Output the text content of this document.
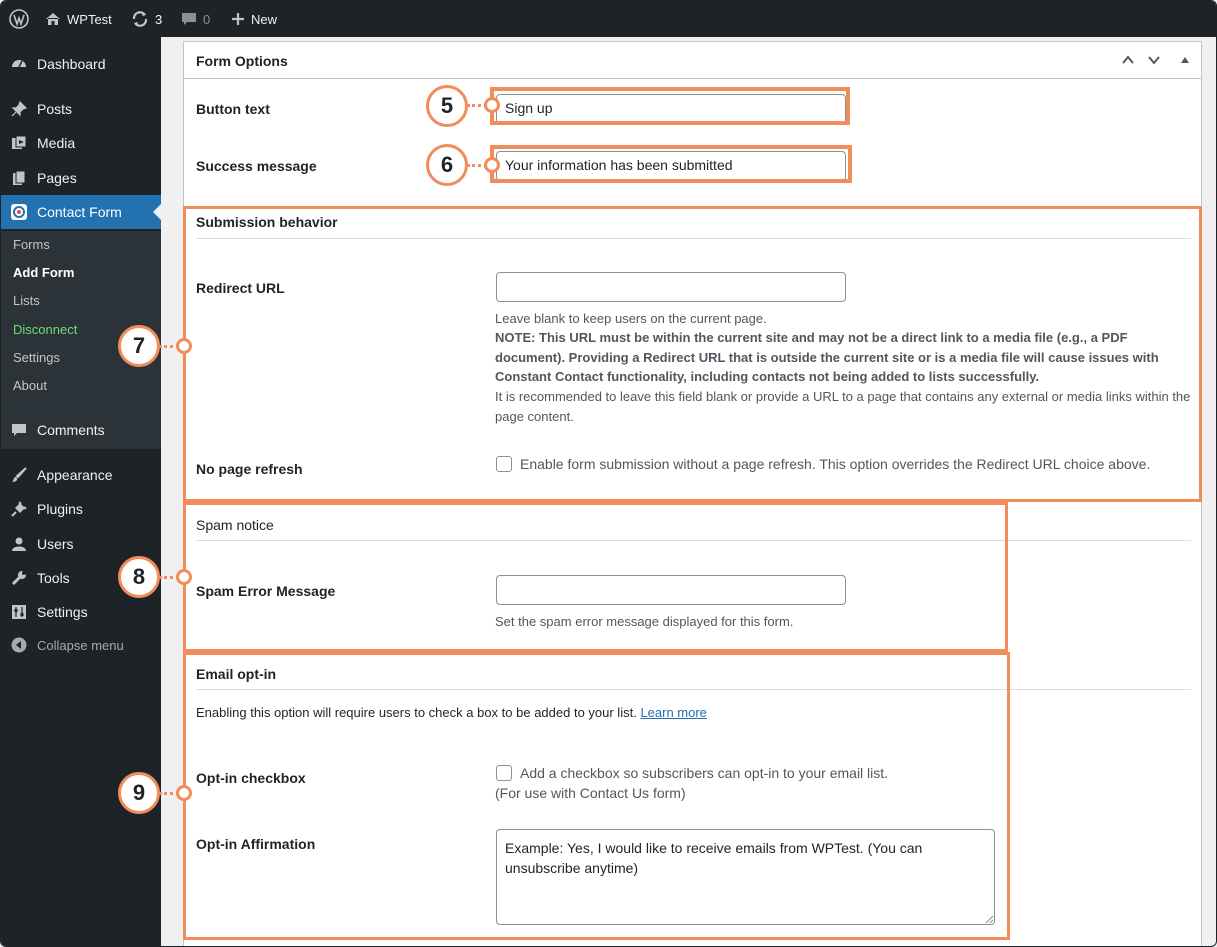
WPTest	3	0	New
Forms
Add Form
Lists
Disconnect
Settings
About
Dashboard
Posts
Media
Pages
Contact Form
Comments
Appearance
Plugins
Users
Tools
Settings
Collapse menu
Form Options
Button text	Sign up
Success message	Your information has been submitted
Submission behavior
Redirect URL
Leave blank to keep users on the current page.
NOTE: This URL must be within the current site and may not be a direct link to a media file (e.g., a PDF document). Providing a Redirect URL that is outside the current site or is a media file will cause issues with Constant Contact functionality, including contacts not being added to lists successfully.
It is recommended to leave this field blank or provide a URL to a page that contains any external or media links within the page content.
No page refresh	Enable form submission without a page refresh. This option overrides the Redirect URL choice above.
Spam notice
Spam Error Message
Set the spam error message displayed for this form.
Email opt-in
Enabling this option will require users to check a box to be added to your list. Learn more
Opt-in checkbox	Add a checkbox so subscribers can opt-in to your email list.
(For use with Contact Us form)
Opt-in Affirmation	Example: Yes, I would like to receive emails from WPTest. (You can unsubscribe anytime)
5
6
7
8
9
